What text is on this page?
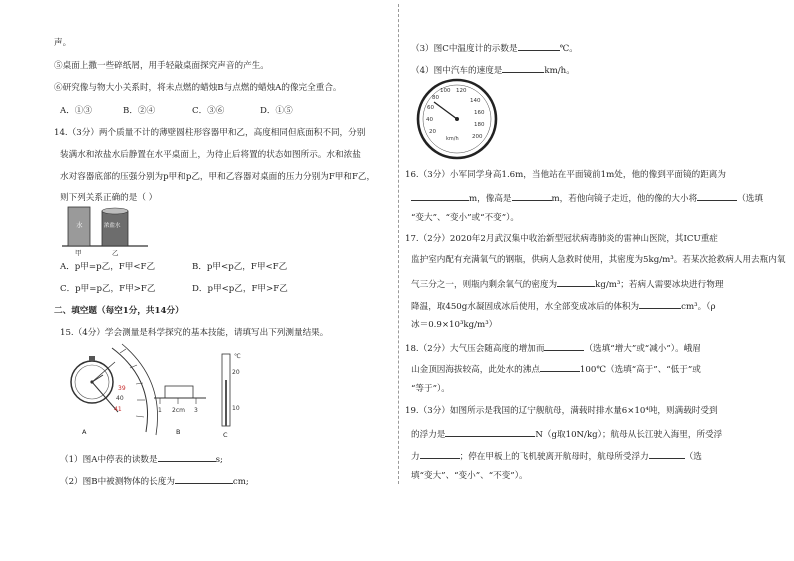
声。
⑤桌面上撒一些碎纸屑，用手轻敲桌面探究声音的产生。
⑥研究像与物大小关系时，将未点燃的蜡烛B与点燃的蜡烛A的像完全重合。
A．①③	B．②④	C．③⑥	D．①⑤
14.（3分）两个质量不计的薄壁圆柱形容器甲和乙，高度相同但底面积不同，分别
装满水和浓盐水后静置在水平桌面上，为待止后将置的状态如图所示。水和浓盐
水对容器底部的压强分别为p甲和p乙，甲和乙容器对桌面的压力分别为F甲和F乙，
则下列关系正确的是（ ）
水	浓盐水
甲	乙
A．p甲=p乙，F甲<F乙	B．p甲<p乙，F甲<F乙
C．p甲=p乙，F甲>F乙	D．p甲<p乙，F甲>F乙
二、填空题（每空1分，共14分）
15.（4分）学会测量是科学探究的基本技能，请填写出下列测量结果。
39
40
41
A
1 2cm 3
B
℃
20
10
C
（1）图A中停表的读数是	s;
（2）图B中被测物体的长度为	cm;
（3）图C中温度计的示数是	℃。
（4）图中汽车的速度是	km/h。
20
40
60
80
100 120
140
160
180
200
km/h
16.（3分）小军同学身高1.6m，当他站在平面镜前1m处，他的像到平面镜的距离为
m，像高是	m，若他向镜子走近，他的像的大小将	（选填
“变大”、“变小”或“不变”）。
17.（2分）2020年2月武汉集中收治新型冠状病毒肺炎的雷神山医院，其ICU重症
监护室内配有充满氧气的钢瓶，供病人急救时使用，其密度为5kg/m³。若某次抢救病人用去瓶内氧
气三分之一，则瓶内剩余氧气的密度为	kg/m³；若病人需要冰块进行物理
降温，取450g水凝固成冰后使用，水全部变成冰后的体积为	cm³。（ρ
冰＝0.9×10³kg/m³）
18.（2分）大气压会随高度的增加而	（选填“增大”或“减小”）。峨眉
山金顶因海拔较高，此处水的沸点	100℃（选填“高于”、“低于”或
“等于”）。
19.（3分）如图所示是我国的辽宁舰航母，满载时排水量6×10⁴吨，则满载时受到
的浮力是	N（g取10N/kg）；航母从长江驶入海里，所受浮
力	；停在甲板上的飞机驶离开航母时，航母所受浮力	（选
填“变大”、“变小”、“不变”）。
